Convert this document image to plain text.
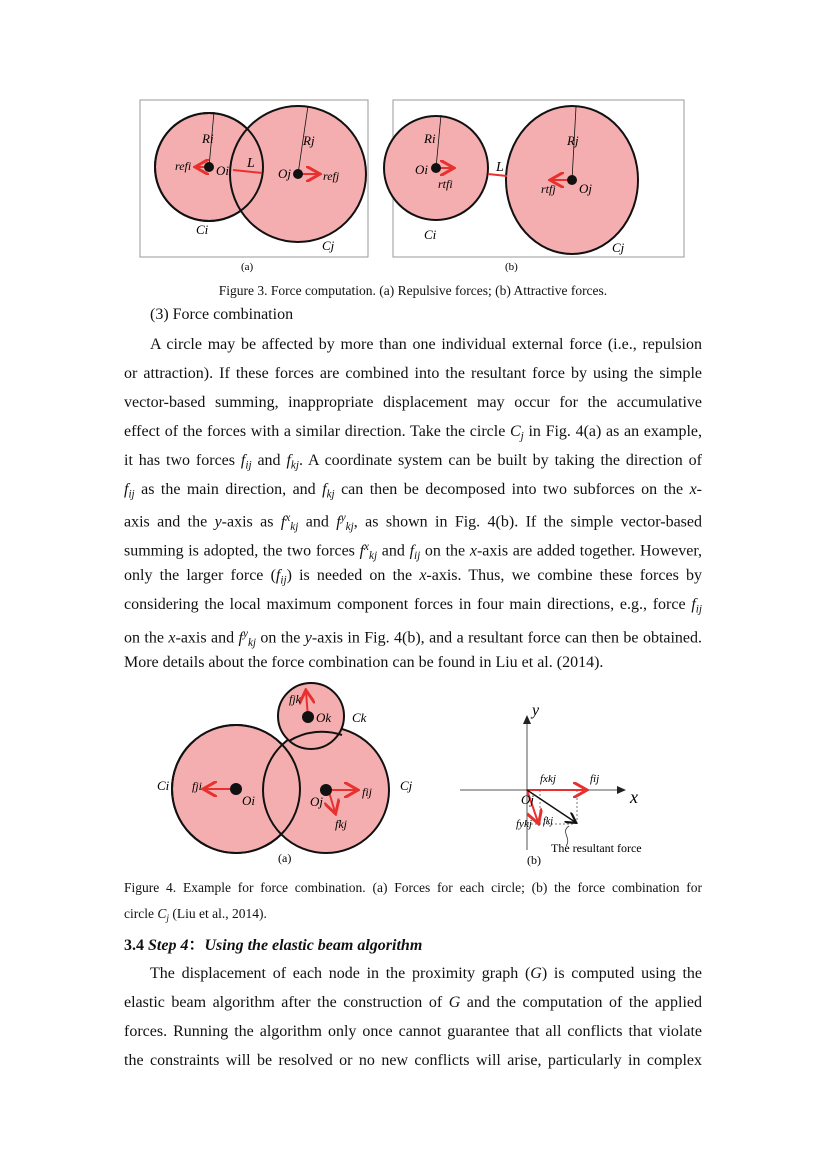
Ri	Rj
refi Oi L
Oj	refj
Ci
Cj
(a)
Ri	Rj
Oi
rtfi
L
rtfj Oj
Ci
Cj
(b)
Figure 3. Force computation. (a) Repulsive forces; (b) Attractive forces.
(3) Force combination
A circle may be affected by more than one individual external force (i.e., repulsion
or attraction). If these forces are combined into the resultant force by using the simple
vector-based summing, inappropriate displacement may occur for the accumulative
effect of the forces with a similar direction. Take the circle $C_j$ in Fig. 4(a) as an example,
it has two forces $f_{ij}$ and $f_{kj}$. A coordinate system can be built by taking the direction of
$f_{ij}$ as the main direction, and $f_{kj}$ can then be decomposed into two subforces on the x-
axis and the y-axis as $f^x_{kj}$ and $f^y_{kj}$, as shown in Fig. 4(b). If the simple vector-based
summing is adopted, the two forces $f^x_{kj}$ and $f_{ij}$ on the x-axis are added together. However,
only the larger force $(f_{ij})$ is needed on the x-axis. Thus, we combine these forces by
considering the local maximum component forces in four main directions, e.g., force $f_{ij}$
on the x-axis and $f^y_{kj}$ on the y-axis in Fig. 4(b), and a resultant force can then be obtained.
More details about the force combination can be found in Liu et al. (2014).
fjk
Ok Ck
Ci fji
Oi	Oj
fij Cj
fkj
(a)
y
x
fxkj	fij
Oj
fykj fkj
The resultant force
(b)
Figure 4. Example for force combination. (a) Forces for each circle; (b) the force combination for
circle $C_j$ (Liu et al., 2014).
3.4 Step 4：Using the elastic beam algorithm
The displacement of each node in the proximity graph (G) is computed using the
elastic beam algorithm after the construction of G and the computation of the applied
forces. Running the algorithm only once cannot guarantee that all conflicts that violate
the constraints will be resolved or no new conflicts will arise, particularly in complex
